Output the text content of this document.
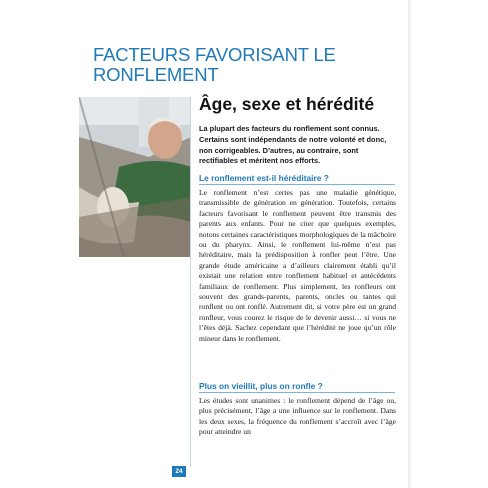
FACTEURS FAVORISANT LE
RONFLEMENT
Âge, sexe et hérédité

La plupart des facteurs du ronflement sont connus. Certains sont indépendants de notre volonté et donc, non corrigeables. D’autres, au contraire, sont rectifiables et méritent nos efforts.

Le ronflement est-il héréditaire ?

Le ronflement n’est certes pas une maladie génétique, transmissible de génération en génération. Toutefois, certains facteurs favorisant le ronflement peuvent être transmis des parents aux enfants. Pour ne citer que quelques exemples, notons certaines caractéristiques morphologiques de la mâchoire ou du pharynx. Ainsi, le ronflement lui-même n’est pas héréditaire, mais la prédisposition à ronfler peut l’être. Une grande étude américaine a d’ailleurs clairement établi qu’il existait une relation entre ronflement habituel et antécédents familiaux de ronflement. Plus simplement, les ronfleurs ont souvent des grands-parents, parents, oncles ou tantes qui ronflent ou ont ronflé. Autrement dit, si votre père est un grand ronfleur, vous courez le risque de le devenir aussi… si vous ne l’êtes déjà. Sachez cependant que l’hérédité ne joue qu’un rôle mineur dans le ronflement.

Plus on vieillit, plus on ronfle ?

Les études sont unanimes : le ronflement dépend de l’âge ou, plus précisément, l’âge a une influence sur le ronflement. Dans les deux sexes, la fréquence du ronflement s’accroît avec l’âge pour atteindre un

24
